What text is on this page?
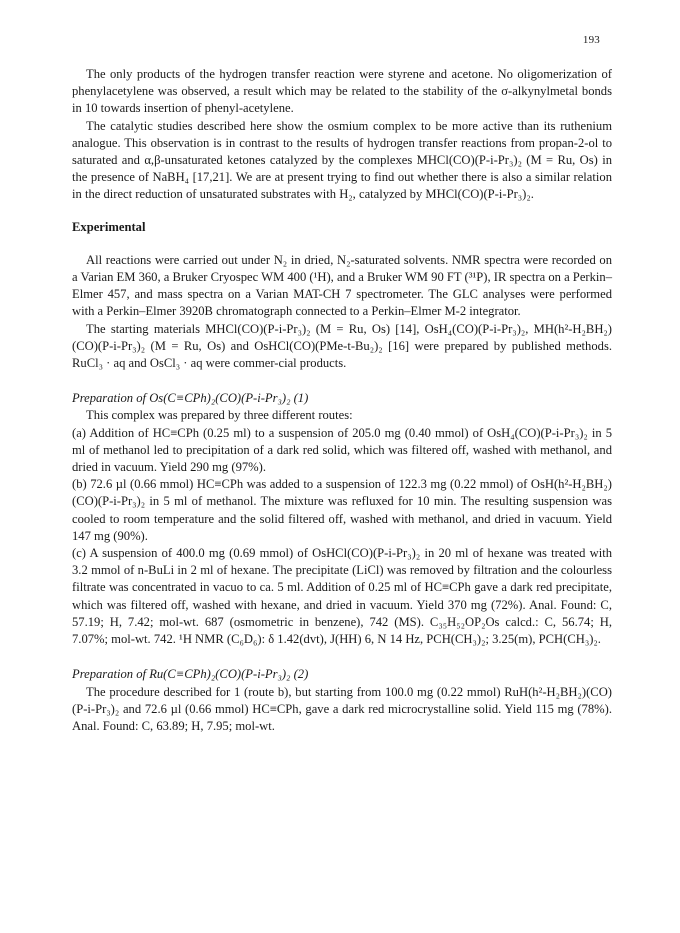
193

The only products of the hydrogen transfer reaction were styrene and acetone. No oligomerization of phenylacetylene was observed, a result which may be related to the stability of the σ-alkynylmetal bonds in 10 towards insertion of phenyl-acetylene.

The catalytic studies described here show the osmium complex to be more active than its ruthenium analogue. This observation is in contrast to the results of hydrogen transfer reactions from propan-2-ol to saturated and α,β-unsaturated ketones catalyzed by the complexes MHCl(CO)(P-i-Pr₃)₂ (M = Ru, Os) in the presence of NaBH₄ [17,21]. We are at present trying to find out whether there is also a similar relation in the direct reduction of unsaturated substrates with H₂, catalyzed by MHCl(CO)(P-i-Pr₃)₂.

Experimental

All reactions were carried out under N₂ in dried, N₂-saturated solvents. NMR spectra were recorded on a Varian EM 360, a Bruker Cryospec WM 400 (¹H), and a Bruker WM 90 FT (³¹P), IR spectra on a Perkin–Elmer 457, and mass spectra on a Varian MAT-CH 7 spectrometer. The GLC analyses were performed with a Perkin–Elmer 3920B chromatograph connected to a Perkin–Elmer M-2 integrator.

The starting materials MHCl(CO)(P-i-Pr₃)₂ (M = Ru, Os) [14], OsH₄(CO)(P-i-Pr₃)₂, MH(h²-H₂BH₂)(CO)(P-i-Pr₃)₂ (M = Ru, Os) and OsHCl(CO)(PMe-t-Bu₂)₂ [16] were prepared by published methods. RuCl₃ · aq and OsCl₃ · aq were commer-cial products.

Preparation of Os(C≡CPh)₂(CO)(P-i-Pr₃)₂ (1)

This complex was prepared by three different routes:

(a) Addition of HC≡CPh (0.25 ml) to a suspension of 205.0 mg (0.40 mmol) of OsH₄(CO)(P-i-Pr₃)₂ in 5 ml of methanol led to precipitation of a dark red solid, which was filtered off, washed with methanol, and dried in vacuum. Yield 290 mg (97%).

(b) 72.6 µl (0.66 mmol) HC≡CPh was added to a suspension of 122.3 mg (0.22 mmol) of OsH(h²-H₂BH₂)(CO)(P-i-Pr₃)₂ in 5 ml of methanol. The mixture was refluxed for 10 min. The resulting suspension was cooled to room temperature and the solid filtered off, washed with methanol, and dried in vacuum. Yield 147 mg (90%).

(c) A suspension of 400.0 mg (0.69 mmol) of OsHCl(CO)(P-i-Pr₃)₂ in 20 ml of hexane was treated with 3.2 mmol of n-BuLi in 2 ml of hexane. The precipitate (LiCl) was removed by filtration and the colourless filtrate was concentrated in vacuo to ca. 5 ml. Addition of 0.25 ml of HC≡CPh gave a dark red precipitate, which was filtered off, washed with hexane, and dried in vacuum. Yield 370 mg (72%). Anal. Found: C, 57.19; H, 7.42; mol-wt. 687 (osmometric in benzene), 742 (MS). C₃₅H₅₂OP₂Os calcd.: C, 56.74; H, 7.07%; mol-wt. 742. ¹H NMR (C₆D₆): δ 1.42(dvt), J(HH) 6, N 14 Hz, PCH(CH₃)₂; 3.25(m), PCH(CH₃)₂.

Preparation of Ru(C≡CPh)₂(CO)(P-i-Pr₃)₂ (2)

The procedure described for 1 (route b), but starting from 100.0 mg (0.22 mmol) RuH(h²-H₂BH₂)(CO)(P-i-Pr₃)₂ and 72.6 µl (0.66 mmol) HC≡CPh, gave a dark red microcrystalline solid. Yield 115 mg (78%). Anal. Found: C, 63.89; H, 7.95; mol-wt.
